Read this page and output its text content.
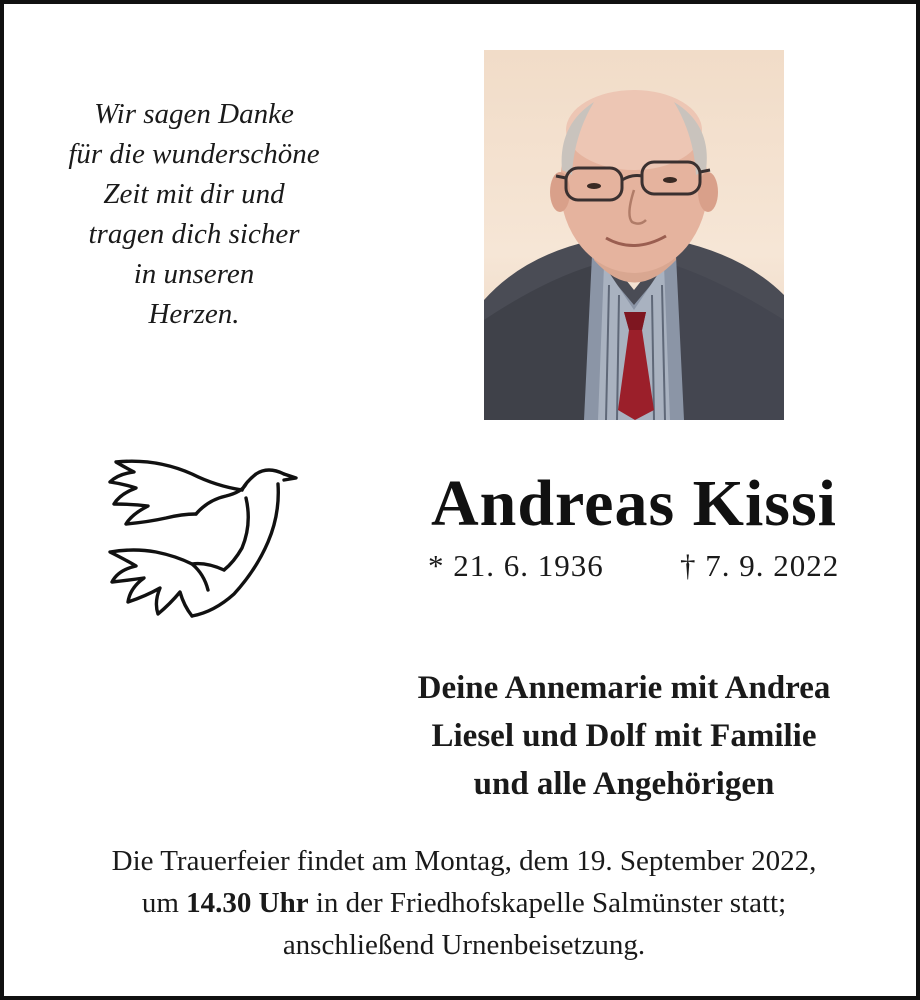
Wir sagen Danke
für die wunderschöne
Zeit mit dir und
tragen dich sicher
in unseren
Herzen.
Andreas Kissi
* 21. 6. 1936 † 7. 9. 2022
Deine Annemarie mit Andrea
Liesel und Dolf mit Familie
und alle Angehörigen
Die Trauerfeier findet am Montag, dem 19. September 2022,
um 14.30 Uhr in der Friedhofskapelle Salmünster statt;
anschließend Urnenbeisetzung.
